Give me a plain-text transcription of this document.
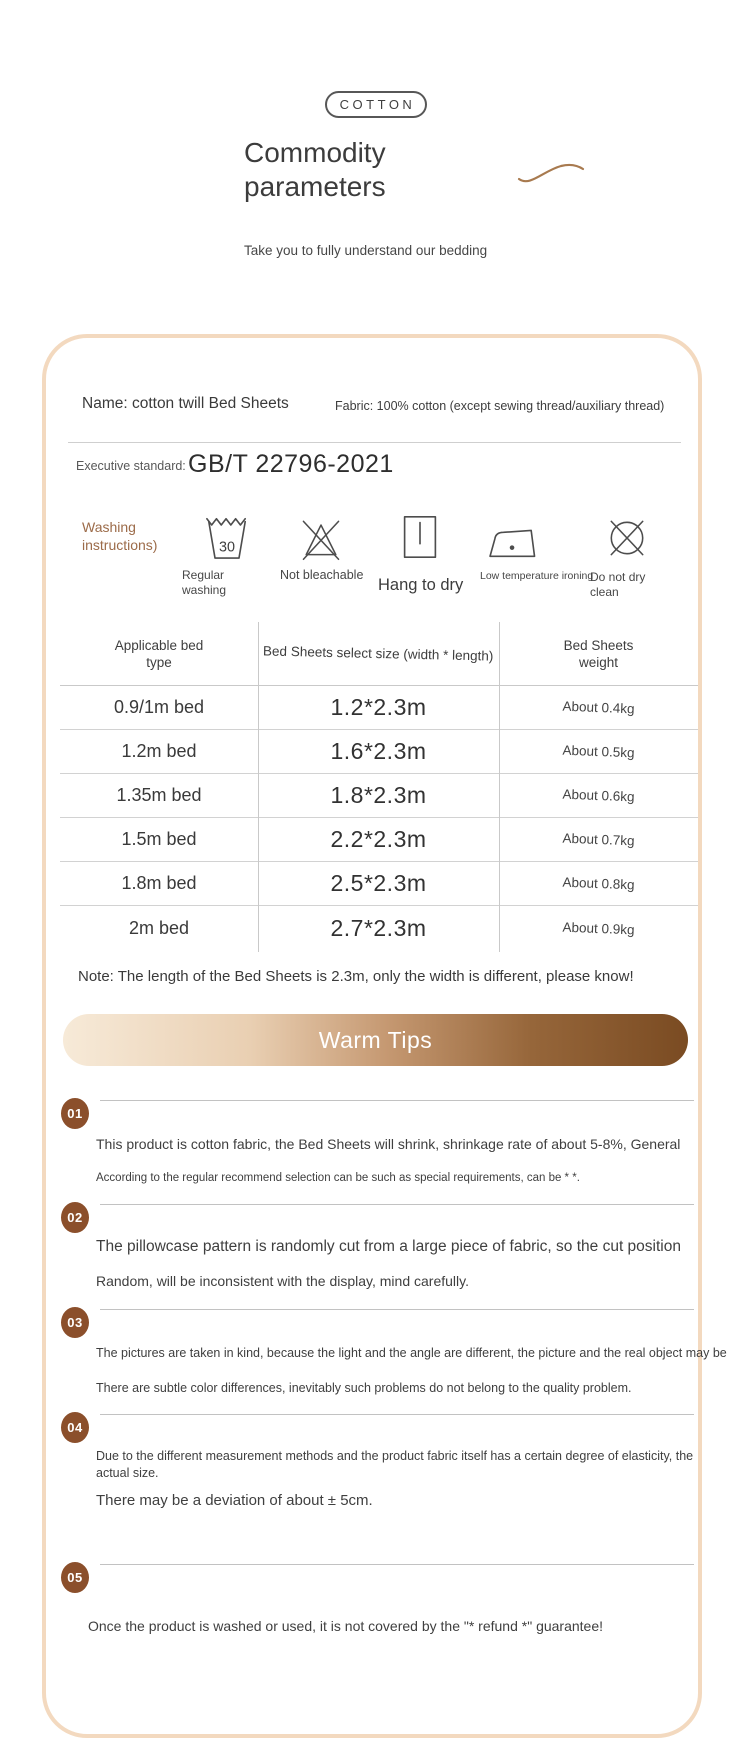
COTTON
Commodity
parameters
Take you to fully understand our bedding
Name: cotton twill Bed Sheets	Fabric: 100% cotton (except sewing thread/auxiliary thread)
Executive standard: GB/T 22796-2021
Washing instructions)	30
Regular washing
Not bleachable
Hang to dry	Low temperature ironing
Do not dry clean
Applicable bed type	Bed Sheets select size (width * length)	Bed Sheets weight
0.9/1m bed	1.2*2.3m	About 0.4kg
1.2m bed	1.6*2.3m	About 0.5kg
1.35m bed	1.8*2.3m	About 0.6kg
1.5m bed	2.2*2.3m	About 0.7kg
1.8m bed	2.5*2.3m	About 0.8kg
2m bed	2.7*2.3m	About 0.9kg
Note: The length of the Bed Sheets is 2.3m, only the width is different, please know!
Warm Tips
01
This product is cotton fabric, the Bed Sheets will shrink, shrinkage rate of about 5-8%, General
According to the regular recommend selection can be such as special requirements, can be * *.
02
The pillowcase pattern is randomly cut from a large piece of fabric, so the cut position
Random, will be inconsistent with the display, mind carefully.
03
The pictures are taken in kind, because the light and the angle are different, the picture and the real object may be
There are subtle color differences, inevitably such problems do not belong to the quality problem.
04
Due to the different measurement methods and the product fabric itself has a certain degree of elasticity, the actual size.
There may be a deviation of about ± 5cm.
05
Once the product is washed or used, it is not covered by the "* refund *" guarantee!
